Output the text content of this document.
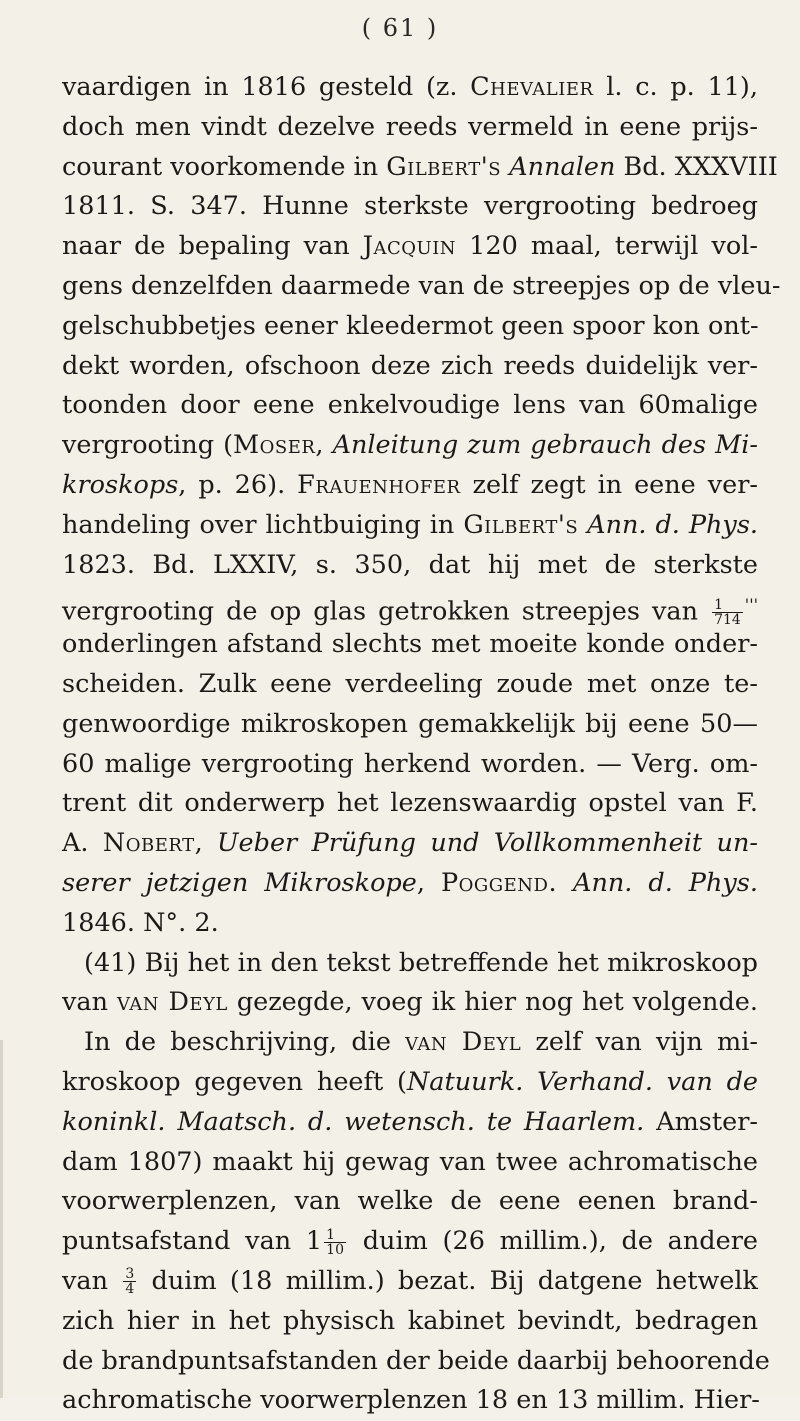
( 61 )
vaardigen in 1816 gesteld (z. Chevalier l. c. p. 11),
doch men vindt dezelve reeds vermeld in eene prijs-
courant voorkomende in Gilbert's Annalen Bd. XXXVIII
1811. S. 347. Hunne sterkste vergrooting bedroeg
naar de bepaling van Jacquin 120 maal, terwijl vol-
gens denzelfden daarmede van de streepjes op de vleu-
gelschubbetjes eener kleedermot geen spoor kon ont-
dekt worden, ofschoon deze zich reeds duidelijk ver-
toonden door eene enkelvoudige lens van 60malige
vergrooting (Moser, Anleitung zum gebrauch des Mi-
kroskops, p. 26). Frauenhofer zelf zegt in eene ver-
handeling over lichtbuiging in Gilbert's Ann. d. Phys.
1823. Bd. LXXIV, s. 350, dat hij met de sterkste
vergrooting de op glas getrokken streepjes van $\frac{1}{714} '''$
onderlingen afstand slechts met moeite konde onder-
scheiden. Zulk eene verdeeling zoude met onze te-
genwoordige mikroskopen gemakkelijk bij eene 50—
60 malige vergrooting herkend worden. — Verg. om-
trent dit onderwerp het lezenswaardig opstel van F.
A. Nobert, Ueber Prüfung und Vollkommenheit un-
serer jetzigen Mikroskope, Poggend. Ann. d. Phys.
1846. N°. 2.
(41) Bij het in den tekst betreffende het mikroskoop
van van Deyl gezegde, voeg ik hier nog het volgende.
In de beschrijving, die van Deyl zelf van vijn mi-
kroskoop gegeven heeft (Natuurk. Verhand. van de
koninkl. Maatsch. d. wetensch. te Haarlem. Amster-
dam 1807) maakt hij gewag van twee achromatische
voorwerplenzen, van welke de eene eenen brand-
puntsafstand van $1 \frac{1}{10}$ duim (26 millim.), de andere
van $\frac{3}{4}$ duim (18 millim.) bezat. Bij datgene hetwelk
zich hier in het physisch kabinet bevindt, bedragen
de brandpuntsafstanden der beide daarbij behoorende
achromatische voorwerplenzen 18 en 13 millim. Hier-
